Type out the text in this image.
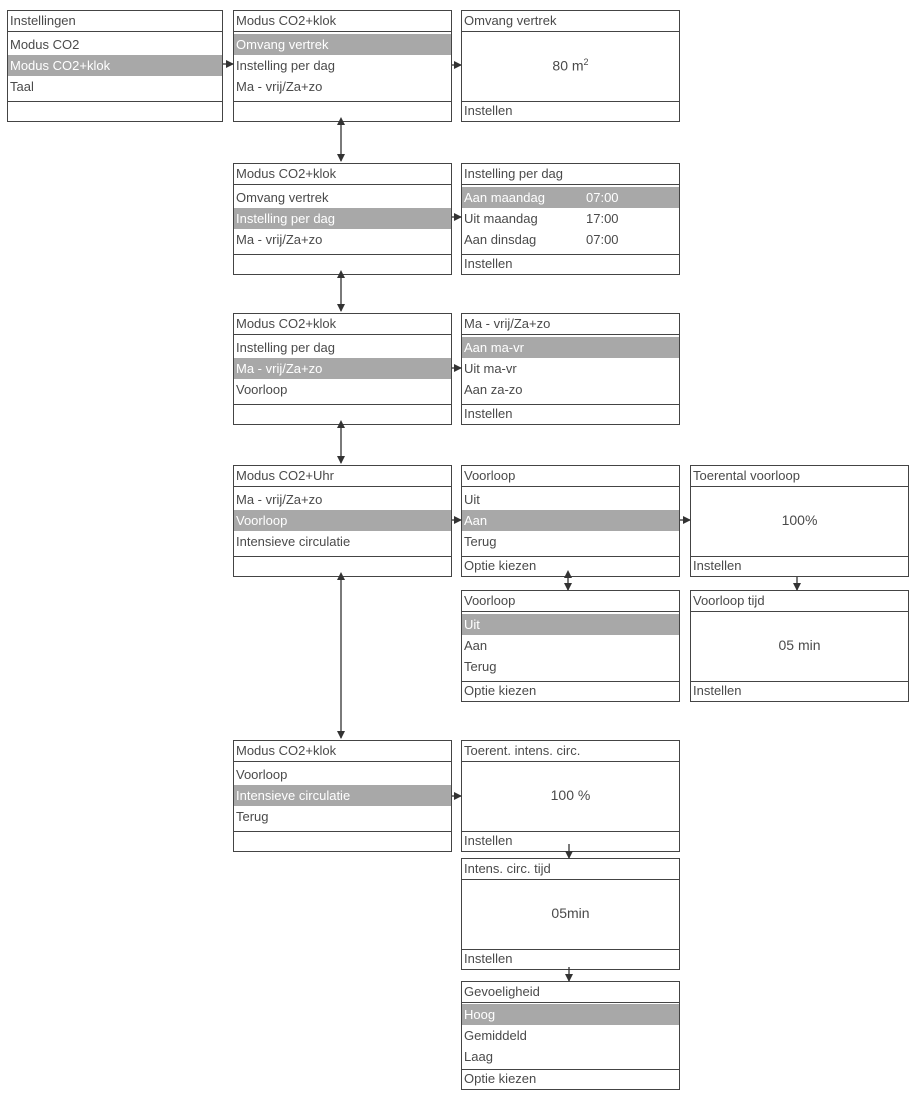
Instellingen
Modus CO2
Modus CO2+klok
Taal
Modus CO2+klok
Omvang vertrek
Instelling per dag
Ma - vrij/Za+zo
Omvang vertrek
80 $m^2$
Instellen
Modus CO2+klok
Omvang vertrek
Instelling per dag
Ma - vrij/Za+zo
Instelling per dag
Aan maandag	07:00
Uit maandag	17:00
Aan dinsdag	07:00
Instellen
Modus CO2+klok
Instelling per dag
Ma - vrij/Za+zo
Voorloop
Ma - vrij/Za+zo
Aan ma-vr
Uit ma-vr
Aan za-zo
Instellen
Modus CO2+Uhr
Ma - vrij/Za+zo
Voorloop
Intensieve circulatie
Voorloop
Uit
Aan
Terug
Optie kiezen
Toerental voorloop
100%
Instellen
Voorloop
Uit
Aan
Terug
Optie kiezen
Voorloop tijd
05 min
Instellen
Modus CO2+klok
Voorloop
Intensieve circulatie
Terug
Toerent. intens. circ.
100 %
Instellen
Intens. circ. tijd
05min
Instellen
Gevoeligheid
Hoog
Gemiddeld
Laag
Optie kiezen
